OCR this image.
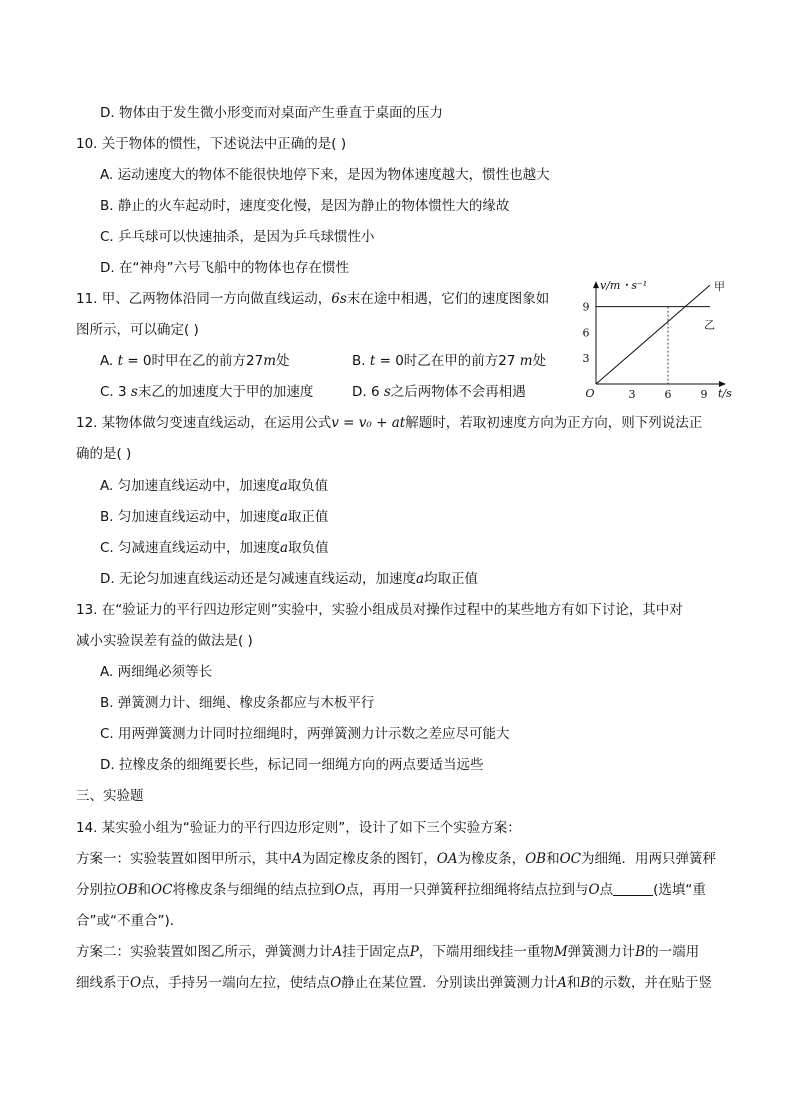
D. 物体由于发生微小形变而对桌面产生垂直于桌面的压力
10. 关于物体的惯性，下述说法中正确的是( )
A. 运动速度大的物体不能很快地停下来，是因为物体速度越大，惯性也越大
B. 静止的火车起动时，速度变化慢，是因为静止的物体惯性大的缘故
C. 乒乓球可以快速抽杀，是因为乒乓球惯性小
D. 在“神舟”六号飞船中的物体也存在惯性
11. 甲、乙两物体沿同一方向做直线运动，6s末在途中相遇，它们的速度图象如
图所示，可以确定( )
A. t = 0时甲在乙的前方27m处	B. t = 0时乙在甲的前方27 m处
C. 3 s末乙的加速度大于甲的加速度	D. 6 s之后两物体不会再相遇
v/m・s⁻¹
t/s
O	3	6	9
3
6
9
甲
乙
12. 某物体做匀变速直线运动，在运用公式v = v₀ + at解题时，若取初速度方向为正方向，则下列说法正
确的是( )
A. 匀加速直线运动中，加速度a取负值
B. 匀加速直线运动中，加速度a取正值
C. 匀减速直线运动中，加速度a取负值
D. 无论匀加速直线运动还是匀减速直线运动，加速度a均取正值
13. 在“验证力的平行四边形定则”实验中，实验小组成员对操作过程中的某些地方有如下讨论，其中对
减小实验误差有益的做法是( )
A. 两细绳必须等长
B. 弹簧测力计、细绳、橡皮条都应与木板平行
C. 用两弹簧测力计同时拉细绳时，两弹簧测力计示数之差应尽可能大
D. 拉橡皮条的细绳要长些，标记同一细绳方向的两点要适当远些
三、实验题
14. 某实验小组为“验证力的平行四边形定则”，设计了如下三个实验方案：
方案一：实验装置如图甲所示，其中A为固定橡皮条的图钉，OA为橡皮条，OB和OC为细绳．用两只弹簧秤
分别拉OB和OC将橡皮条与细绳的结点拉到O点，再用一只弹簧秤拉细绳将结点拉到与O点	(选填“重
合”或“不重合”)．
方案二：实验装置如图乙所示，弹簧测力计A挂于固定点P，下端用细线挂一重物M弹簧测力计B的一端用
细线系于O点，手持另一端向左拉，使结点O静止在某位置．分别读出弹簧测力计A和B的示数，并在贴于竖
